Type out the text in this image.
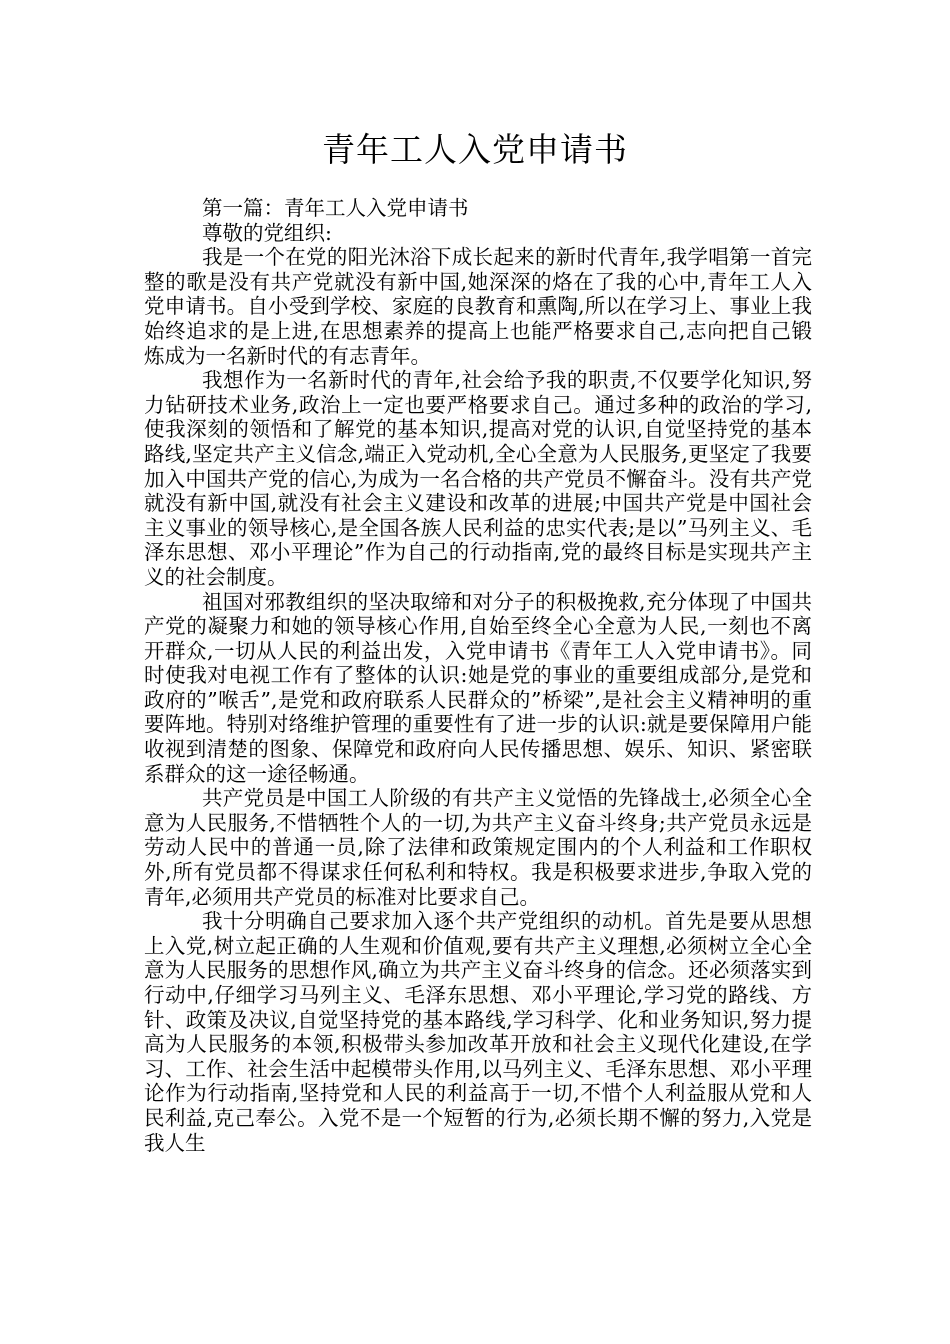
青年工人入党申请书

第一篇：青年工人入党申请书

尊敬的党组织:

我是一个在党的阳光沐浴下成长起来的新时代青年,我学唱第一首完整的歌是没有共产党就没有新中国,她深深的烙在了我的心中,青年工人入党申请书。自小受到学校、家庭的良教育和熏陶,所以在学习上、事业上我始终追求的是上进,在思想素养的提高上也能严格要求自己,志向把自己锻炼成为一名新时代的有志青年。

我想作为一名新时代的青年,社会给予我的职责,不仅要学化知识,努力钻研技术业务,政治上一定也要严格要求自己。通过多种的政治的学习,使我深刻的领悟和了解党的基本知识,提高对党的认识,自觉坚持党的基本路线,坚定共产主义信念,端正入党动机,全心全意为人民服务,更坚定了我要加入中国共产党的信心,为成为一名合格的共产党员不懈奋斗。没有共产党就没有新中国,就没有社会主义建设和改革的进展;中国共产党是中国社会主义事业的领导核心,是全国各族人民利益的忠实代表;是以”马列主义、毛泽东思想、邓小平理论”作为自己的行动指南,党的最终目标是实现共产主义的社会制度。

祖国对邪教组织的坚决取缔和对分子的积极挽救,充分体现了中国共产党的凝聚力和她的领导核心作用,自始至终全心全意为人民,一刻也不离开群众,一切从人民的利益出发，入党申请书《青年工人入党申请书》。同时使我对电视工作有了整体的认识:她是党的事业的重要组成部分,是党和政府的”喉舌”,是党和政府联系人民群众的”桥梁”,是社会主义精神明的重要阵地。特别对络维护管理的重要性有了进一步的认识:就是要保障用户能收视到清楚的图象、保障党和政府向人民传播思想、娱乐、知识、紧密联系群众的这一途径畅通。

共产党员是中国工人阶级的有共产主义觉悟的先锋战士,必须全心全意为人民服务,不惜牺牲个人的一切,为共产主义奋斗终身;共产党员永远是劳动人民中的普通一员,除了法律和政策规定围内的个人利益和工作职权外,所有党员都不得谋求任何私利和特权。我是积极要求进步,争取入党的青年,必须用共产党员的标准对比要求自己。

我十分明确自己要求加入逐个共产党组织的动机。首先是要从思想上入党,树立起正确的人生观和价值观,要有共产主义理想,必须树立全心全意为人民服务的思想作风,确立为共产主义奋斗终身的信念。还必须落实到行动中,仔细学习马列主义、毛泽东思想、邓小平理论,学习党的路线、方针、政策及决议,自觉坚持党的基本路线,学习科学、化和业务知识,努力提高为人民服务的本领,积极带头参加改革开放和社会主义现代化建设,在学习、工作、社会生活中起模带头作用,以马列主义、毛泽东思想、邓小平理论作为行动指南,坚持党和人民的利益高于一切,不惜个人利益服从党和人民利益,克己奉公。入党不是一个短暂的行为,必须长期不懈的努力,入党是我人生
